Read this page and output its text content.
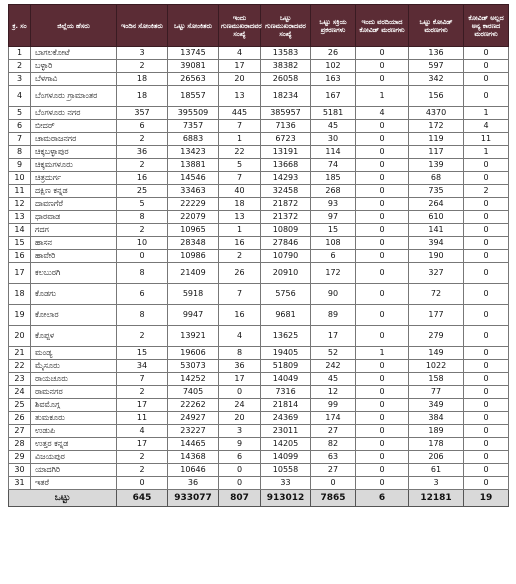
ಕ್ರ. ಸಂ	ಜಿಲ್ಲೆಯ ಹೆಸರು	ಇಂದಿನ ಸೋಂಕಿತರು	ಒಟ್ಟು ಸೋಂಕಿತರು	ಇಂದು ಗುಣಮುಖರಾದವರ ಸಂಖ್ಯೆ	ಒಟ್ಟು ಗುಣಮುಖರಾದವರ ಸಂಖ್ಯೆ	ಒಟ್ಟು ಸಕ್ರಿಯ ಪ್ರಕರಣಗಳು	ಇಂದು ವರದಿಯಾದ ಕೋವಿಡ್ ಮರಣಗಳು	ಒಟ್ಟು ಕೋವಿಡ್ ಮರಣಗಳು	ಕೋವಿಡ್ ಅಲ್ಲದ ಅನ್ಯ ಕಾರಣದ ಮರಣಗಳು
1	ಬಾಗಲಕೋಟೆ	3	13745	4	13583	26	0	136	0
2	ಬಳ್ಳಾರಿ	2	39081	17	38382	102	0	597	0
3	ಬೆಳಗಾವಿ	18	26563	20	26058	163	0	342	0
4	ಬೆಂಗಳೂರು ಗ್ರಾಮಾಂತರ	18	18557	13	18234	167	1	156	0
5	ಬೆಂಗಳೂರು ನಗರ	357	395509	445	385957	5181	4	4370	1
6	ಬೀದರ್	6	7357	7	7136	45	0	172	4
7	ಚಾಮರಾಜನಗರ	2	6883	1	6723	30	0	119	11
8	ಚಿಕ್ಕಬಳ್ಳಾಪುರ	36	13423	22	13191	114	0	117	1
9	ಚಿಕ್ಕಮಗಳೂರು	2	13881	5	13668	74	0	139	0
10	ಚಿತ್ರದುರ್ಗ	16	14546	7	14293	185	0	68	0
11	ದಕ್ಷಿಣ ಕನ್ನಡ	25	33463	40	32458	268	0	735	2
12	ದಾವಣಗೆರೆ	5	22229	18	21872	93	0	264	0
13	ಧಾರವಾಡ	8	22079	13	21372	97	0	610	0
14	ಗದಗ	2	10965	1	10809	15	0	141	0
15	ಹಾಸನ	10	28348	16	27846	108	0	394	0
16	ಹಾವೇರಿ	0	10986	2	10790	6	0	190	0
17	ಕಲಬುರಗಿ	8	21409	26	20910	172	0	327	0
18	ಕೊಡಗು	6	5918	7	5756	90	0	72	0
19	ಕೋಲಾರ	8	9947	16	9681	89	0	177	0
20	ಕೊಪ್ಪಳ	2	13921	4	13625	17	0	279	0
21	ಮಂಡ್ಯ	15	19606	8	19405	52	1	149	0
22	ಮೈಸೂರು	34	53073	36	51809	242	0	1022	0
23	ರಾಯಚೂರು	7	14252	17	14049	45	0	158	0
24	ರಾಮನಗರ	2	7405	0	7316	12	0	77	0
25	ಶಿವಮೊಗ್ಗ	17	22262	24	21814	99	0	349	0
26	ತುಮಕೂರು	11	24927	20	24369	174	0	384	0
27	ಉಡುಪಿ	4	23227	3	23011	27	0	189	0
28	ಉತ್ತರ ಕನ್ನಡ	17	14465	9	14205	82	0	178	0
29	ವಿಜಯಪುರ	2	14368	6	14099	63	0	206	0
30	ಯಾದಗಿರಿ	2	10646	0	10558	27	0	61	0
31	ಇತರೆ	0	36	0	33	0	0	3	0
ಒಟ್ಟು		645	933077	807	913012	7865	6	12181	19
